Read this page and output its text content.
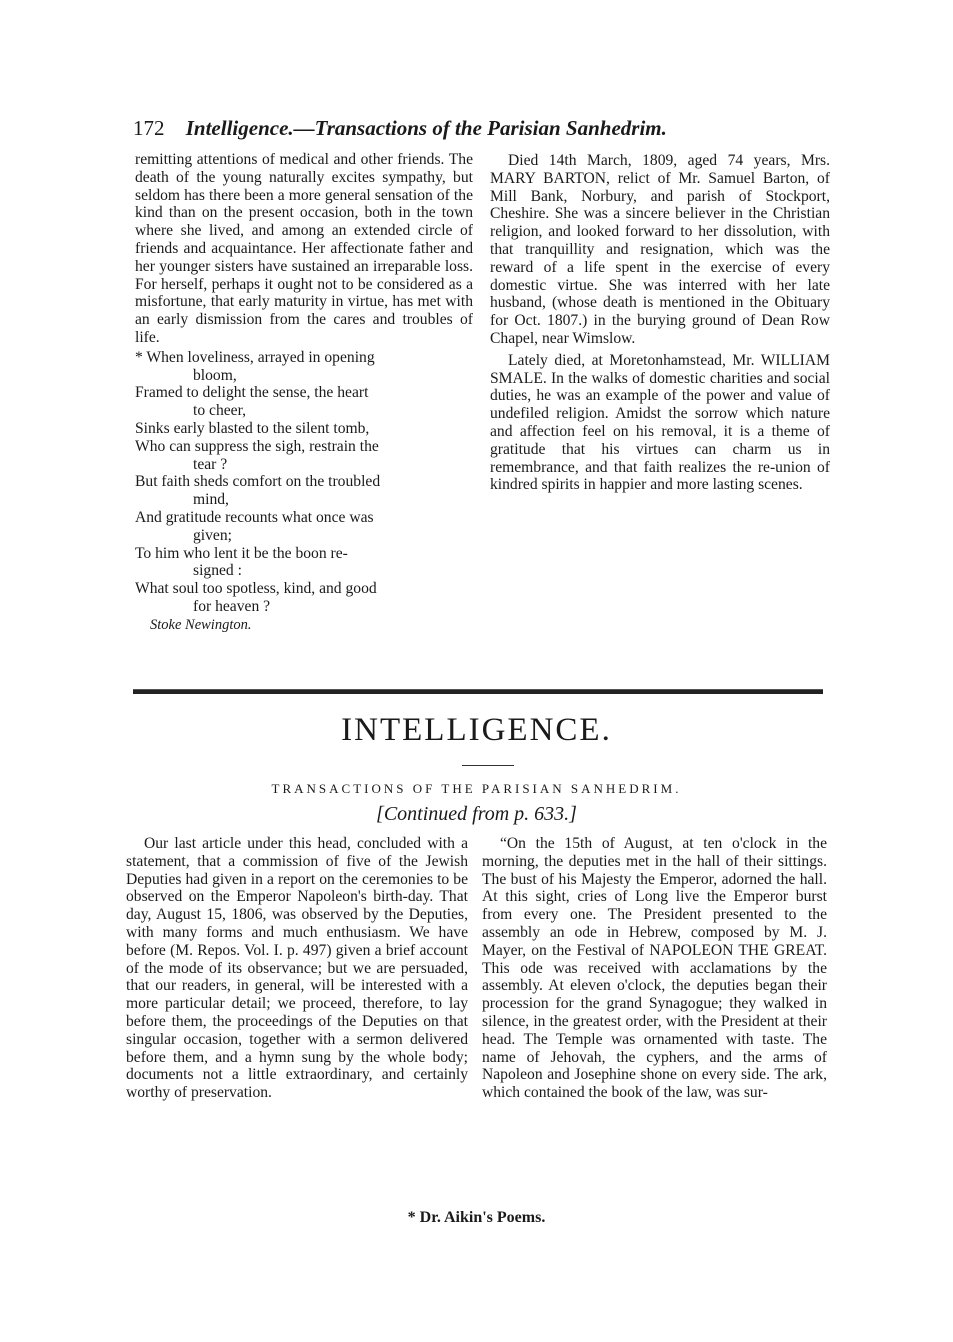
172 Intelligence.—Transactions of the Parisian Sanhedrim.

remitting attentions of medical and other friends. The death of the young naturally excites sympathy, but seldom has there been a more general sensation of the kind than on the present occasion, both in the town where she lived, and among an extended circle of friends and acquaintance. Her affectionate father and her younger sisters have sustained an irreparable loss. For herself, perhaps it ought not to be considered as a misfortune, that early maturity in virtue, has met with an early dismission from the cares and troubles of life.

* When loveliness, arrayed in opening
bloom,
Framed to delight the sense, the heart
to cheer,
Sinks early blasted to the silent tomb,
Who can suppress the sigh, restrain the
tear ?
But faith sheds comfort on the troubled
mind,
And gratitude recounts what once was
given;
To him who lent it be the boon re-
signed :
What soul too spotless, kind, and good
for heaven ?
Stoke Newington.

Died 14th March, 1809, aged 74 years, Mrs. MARY BARTON, relict of Mr. Samuel Barton, of Mill Bank, Norbury, and parish of Stockport, Cheshire. She was a sincere believer in the Christian religion, and looked forward to her dissolution, with that tranquillity and resignation, which was the reward of a life spent in the exercise of every domestic virtue. She was interred with her late husband, (whose death is mentioned in the Obituary for Oct. 1807.) in the burying ground of Dean Row Chapel, near Wimslow.

Lately died, at Moretonhamstead, Mr. WILLIAM SMALE. In the walks of domestic charities and social duties, he was an example of the power and value of undefiled religion. Amidst the sorrow which nature and affection feel on his removal, it is a theme of gratitude that his virtues can charm us in remembrance, and that faith realizes the re-union of kindred spirits in happier and more lasting scenes.

INTELLIGENCE.
TRANSACTIONS OF THE PARISIAN SANHEDRIM.
[Continued from p. 633.]

Our last article under this head, concluded with a statement, that a commission of five of the Jewish Deputies had given in a report on the ceremonies to be observed on the Emperor Napoleon's birth-day. That day, August 15, 1806, was observed by the Deputies, with many forms and much enthusiasm. We have before (M. Repos. Vol. I. p. 497) given a brief account of the mode of its observance; but we are persuaded, that our readers, in general, will be interested with a more particular detail; we proceed, therefore, to lay before them, the proceedings of the Deputies on that singular occasion, together with a sermon delivered before them, and a hymn sung by the whole body; documents not a little extraordinary, and certainly worthy of preservation.

“On the 15th of August, at ten o'clock in the morning, the deputies met in the hall of their sittings. The bust of his Majesty the Emperor, adorned the hall. At this sight, cries of Long live the Emperor burst from every one. The President presented to the assembly an ode in Hebrew, composed by M. J. Mayer, on the Festival of NAPOLEON THE GREAT. This ode was received with acclamations by the assembly. At eleven o'clock, the deputies began their procession for the grand Synagogue; they walked in silence, in the greatest order, with the President at their head. The Temple was ornamented with taste. The name of Jehovah, the cyphers, and the arms of Napoleon and Josephine shone on every side. The ark, which contained the book of the law, was sur-

* Dr. Aikin's Poems.
